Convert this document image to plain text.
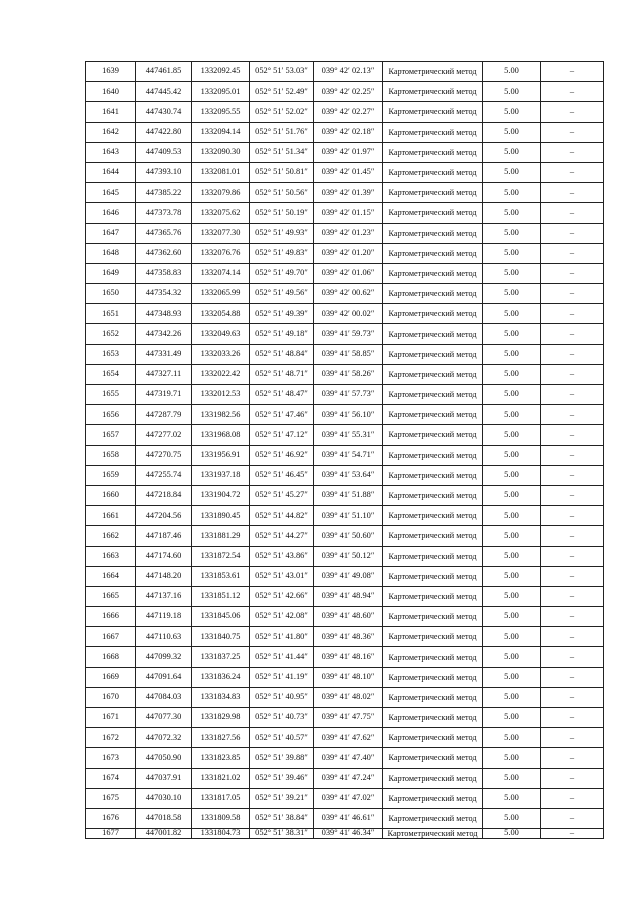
1639	447461.85	1332092.45	052° 51′ 53.03″	039° 42′ 02.13″	Картометрический метод	5.00	–
1640	447445.42	1332095.01	052° 51′ 52.49″	039° 42′ 02.25″	Картометрический метод	5.00	–
1641	447430.74	1332095.55	052° 51′ 52.02″	039° 42′ 02.27″	Картометрический метод	5.00	–
1642	447422.80	1332094.14	052° 51′ 51.76″	039° 42′ 02.18″	Картометрический метод	5.00	–
1643	447409.53	1332090.30	052° 51′ 51.34″	039° 42′ 01.97″	Картометрический метод	5.00	–
1644	447393.10	1332081.01	052° 51′ 50.81″	039° 42′ 01.45″	Картометрический метод	5.00	–
1645	447385.22	1332079.86	052° 51′ 50.56″	039° 42′ 01.39″	Картометрический метод	5.00	–
1646	447373.78	1332075.62	052° 51′ 50.19″	039° 42′ 01.15″	Картометрический метод	5.00	–
1647	447365.76	1332077.30	052° 51′ 49.93″	039° 42′ 01.23″	Картометрический метод	5.00	–
1648	447362.60	1332076.76	052° 51′ 49.83″	039° 42′ 01.20″	Картометрический метод	5.00	–
1649	447358.83	1332074.14	052° 51′ 49.70″	039° 42′ 01.06″	Картометрический метод	5.00	–
1650	447354.32	1332065.99	052° 51′ 49.56″	039° 42′ 00.62″	Картометрический метод	5.00	–
1651	447348.93	1332054.88	052° 51′ 49.39″	039° 42′ 00.02″	Картометрический метод	5.00	–
1652	447342.26	1332049.63	052° 51′ 49.18″	039° 41′ 59.73″	Картометрический метод	5.00	–
1653	447331.49	1332033.26	052° 51′ 48.84″	039° 41′ 58.85″	Картометрический метод	5.00	–
1654	447327.11	1332022.42	052° 51′ 48.71″	039° 41′ 58.26″	Картометрический метод	5.00	–
1655	447319.71	1332012.53	052° 51′ 48.47″	039° 41′ 57.73″	Картометрический метод	5.00	–
1656	447287.79	1331982.56	052° 51′ 47.46″	039° 41′ 56.10″	Картометрический метод	5.00	–
1657	447277.02	1331968.08	052° 51′ 47.12″	039° 41′ 55.31″	Картометрический метод	5.00	–
1658	447270.75	1331956.91	052° 51′ 46.92″	039° 41′ 54.71″	Картометрический метод	5.00	–
1659	447255.74	1331937.18	052° 51′ 46.45″	039° 41′ 53.64″	Картометрический метод	5.00	–
1660	447218.84	1331904.72	052° 51′ 45.27″	039° 41′ 51.88″	Картометрический метод	5.00	–
1661	447204.56	1331890.45	052° 51′ 44.82″	039° 41′ 51.10″	Картометрический метод	5.00	–
1662	447187.46	1331881.29	052° 51′ 44.27″	039° 41′ 50.60″	Картометрический метод	5.00	–
1663	447174.60	1331872.54	052° 51′ 43.86″	039° 41′ 50.12″	Картометрический метод	5.00	–
1664	447148.20	1331853.61	052° 51′ 43.01″	039° 41′ 49.08″	Картометрический метод	5.00	–
1665	447137.16	1331851.12	052° 51′ 42.66″	039° 41′ 48.94″	Картометрический метод	5.00	–
1666	447119.18	1331845.06	052° 51′ 42.08″	039° 41′ 48.60″	Картометрический метод	5.00	–
1667	447110.63	1331840.75	052° 51′ 41.80″	039° 41′ 48.36″	Картометрический метод	5.00	–
1668	447099.32	1331837.25	052° 51′ 41.44″	039° 41′ 48.16″	Картометрический метод	5.00	–
1669	447091.64	1331836.24	052° 51′ 41.19″	039° 41′ 48.10″	Картометрический метод	5.00	–
1670	447084.03	1331834.83	052° 51′ 40.95″	039° 41′ 48.02″	Картометрический метод	5.00	–
1671	447077.30	1331829.98	052° 51′ 40.73″	039° 41′ 47.75″	Картометрический метод	5.00	–
1672	447072.32	1331827.56	052° 51′ 40.57″	039° 41′ 47.62″	Картометрический метод	5.00	–
1673	447050.90	1331823.85	052° 51′ 39.88″	039° 41′ 47.40″	Картометрический метод	5.00	–
1674	447037.91	1331821.02	052° 51′ 39.46″	039° 41′ 47.24″	Картометрический метод	5.00	–
1675	447030.10	1331817.05	052° 51′ 39.21″	039° 41′ 47.02″	Картометрический метод	5.00	–
1676	447018.58	1331809.58	052° 51′ 38.84″	039° 41′ 46.61″	Картометрический метод	5.00	–
1677	447001.82	1331804.73	052° 51′ 38.31″	039° 41′ 46.34″	Картометрический метод	5.00	–
